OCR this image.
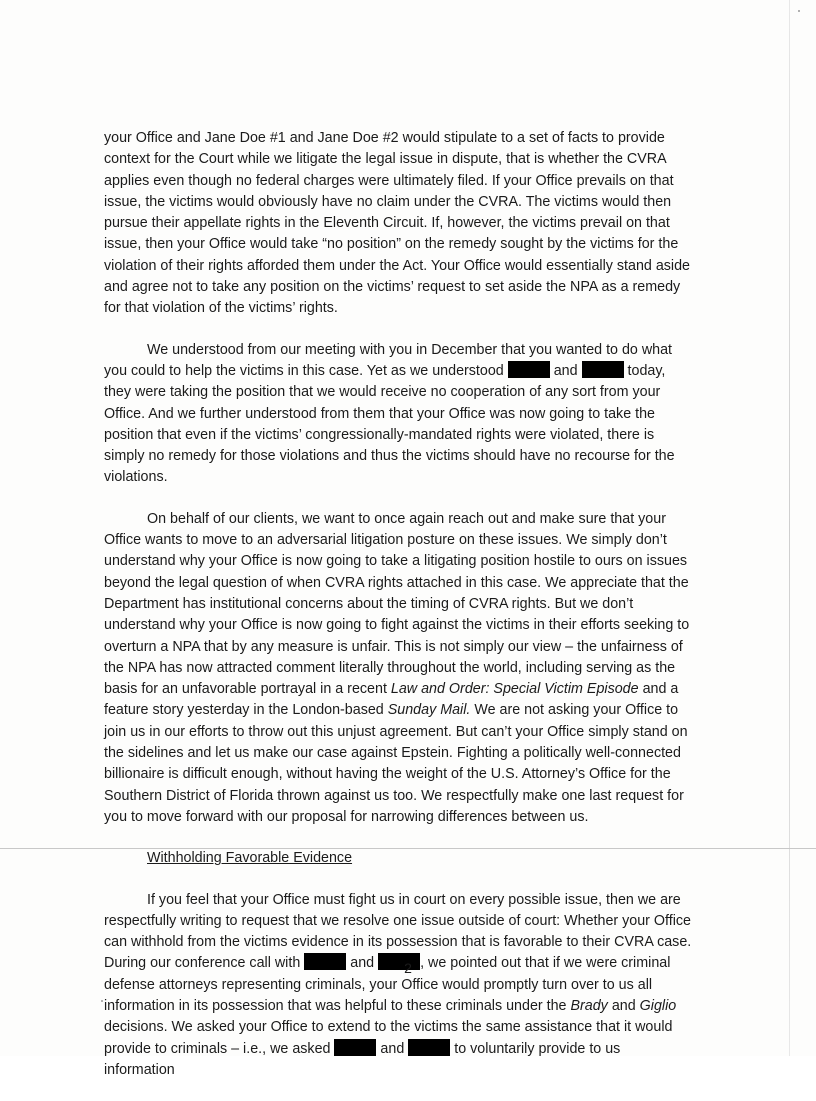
your Office and Jane Doe #1 and Jane Doe #2 would stipulate to a set of facts to provide context for the Court while we litigate the legal issue in dispute, that is whether the CVRA applies even though no federal charges were ultimately filed. If your Office prevails on that issue, the victims would obviously have no claim under the CVRA. The victims would then pursue their appellate rights in the Eleventh Circuit. If, however, the victims prevail on that issue, then your Office would take “no position” on the remedy sought by the victims for the violation of their rights afforded them under the Act. Your Office would essentially stand aside and agree not to take any position on the victims’ request to set aside the NPA as a remedy for that violation of the victims’ rights.

We understood from our meeting with you in December that you wanted to do what you could to help the victims in this case. Yet as we understood	and	today, they were taking the position that we would receive no cooperation of any sort from your Office. And we further understood from them that your Office was now going to take the position that even if the victims’ congressionally-mandated rights were violated, there is simply no remedy for those violations and thus the victims should have no recourse for the violations.

On behalf of our clients, we want to once again reach out and make sure that your Office wants to move to an adversarial litigation posture on these issues. We simply don’t understand why your Office is now going to take a litigating position hostile to ours on issues beyond the legal question of when CVRA rights attached in this case. We appreciate that the Department has institutional concerns about the timing of CVRA rights. But we don’t understand why your Office is now going to fight against the victims in their efforts seeking to overturn a NPA that by any measure is unfair. This is not simply our view – the unfairness of the NPA has now attracted comment literally throughout the world, including serving as the basis for an unfavorable portrayal in a recent Law and Order: Special Victim Episode and a feature story yesterday in the London-based Sunday Mail. We are not asking your Office to join us in our efforts to throw out this unjust agreement. But can’t your Office simply stand on the sidelines and let us make our case against Epstein. Fighting a politically well-connected billionaire is difficult enough, without having the weight of the U.S. Attorney’s Office for the Southern District of Florida thrown against us too. We respectfully make one last request for you to move forward with our proposal for narrowing differences between us.

Withholding Favorable Evidence

If you feel that your Office must fight us in court on every possible issue, then we are respectfully writing to request that we resolve one issue outside of court: Whether your Office can withhold from the victims evidence in its possession that is favorable to their CVRA case. During our conference call with	and	, we pointed out that if we were criminal defense attorneys representing criminals, your Office would promptly turn over to us all information in its possession that was helpful to these criminals under the Brady and Giglio decisions. We asked your Office to extend to the victims the same assistance that it would provide to criminals – i.e., we asked	and	to voluntarily provide to us information

2
